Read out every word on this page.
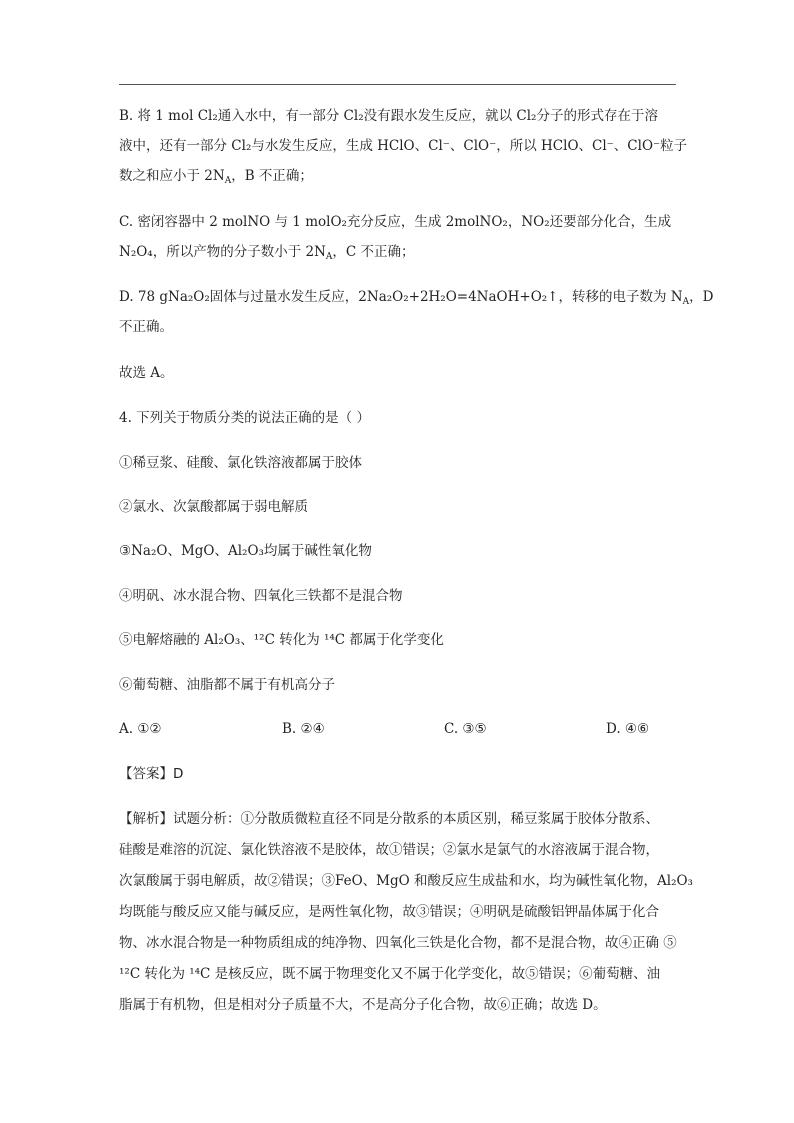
B. 将 1 mol Cl₂通入水中，有一部分 Cl₂没有跟水发生反应，就以 Cl₂分子的形式存在于溶
液中，还有一部分 Cl₂与水发生反应，生成 HClO、Cl⁻、ClO⁻，所以 HClO、Cl⁻、ClO⁻粒子
数之和应小于 $2N_A$，B 不正确；
C. 密闭容器中 2 molNO 与 1 molO₂充分反应，生成 2molNO₂，NO₂还要部分化合，生成
N₂O₄，所以产物的分子数小于 $2N_A$，C 不正确；
D. 78 gNa₂O₂固体与过量水发生反应，2Na₂O₂+2H₂O=4NaOH+O₂↑，转移的电子数为 $N_A$，D
不正确。
故选 A。
4. 下列关于物质分类的说法正确的是（ ）
①稀豆浆、硅酸、氯化铁溶液都属于胶体
②氯水、次氯酸都属于弱电解质
③Na₂O、MgO、Al₂O₃均属于碱性氧化物
④明矾、冰水混合物、四氧化三铁都不是混合物
⑤电解熔融的 Al₂O₃、¹²C 转化为 ¹⁴C 都属于化学变化
⑥葡萄糖、油脂都不属于有机高分子
A. ①②	B. ②④	C. ③⑤	D. ④⑥
【答案】D
【解析】试题分析：①分散质微粒直径不同是分散系的本质区别，稀豆浆属于胶体分散系、
硅酸是难溶的沉淀、氯化铁溶液不是胶体，故①错误；②氯水是氯气的水溶液属于混合物，
次氯酸属于弱电解质，故②错误；③FeO、MgO 和酸反应生成盐和水，均为碱性氧化物，Al₂O₃
均既能与酸反应又能与碱反应，是两性氧化物，故③错误；④明矾是硫酸铝钾晶体属于化合
物、冰水混合物是一种物质组成的纯净物、四氧化三铁是化合物，都不是混合物，故④正确 ⑤
¹²C 转化为 ¹⁴C 是核反应，既不属于物理变化又不属于化学变化，故⑤错误；⑥葡萄糖、油
脂属于有机物，但是相对分子质量不大，不是高分子化合物，故⑥正确；故选 D。
